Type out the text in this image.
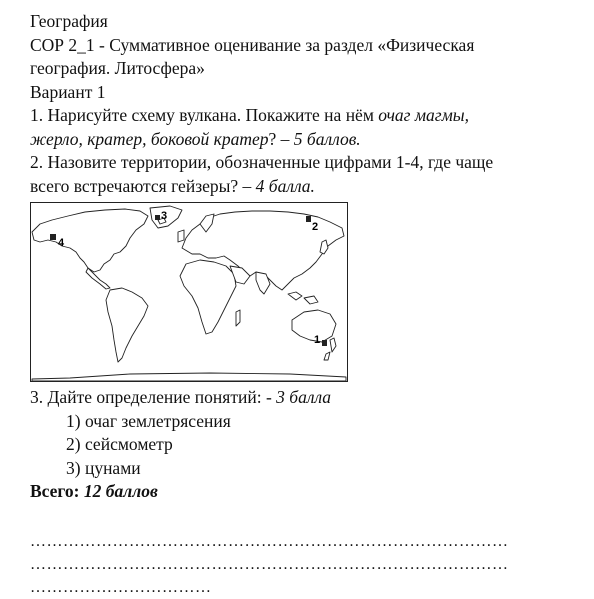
География
СОР 2_1 - Суммативное оценивание за раздел «Физическая
география. Литосфера»
Вариант 1
1. Нарисуйте схему вулкана. Покажите на нём очаг магмы,
жерло, кратер, боковой кратер? – 5 баллов.
2. Назовите территории, обозначенные цифрами 1-4, где чаще
всего встречаются гейзеры? – 4 балла.
3
2
4
1
3. Дайте определение понятий: - 3 балла
1) очаг землетрясения
2) сейсмометр
3) цунами
Всего: 12 баллов
……………………………………………………………………………
……………………………………………………………………………
……………………………
